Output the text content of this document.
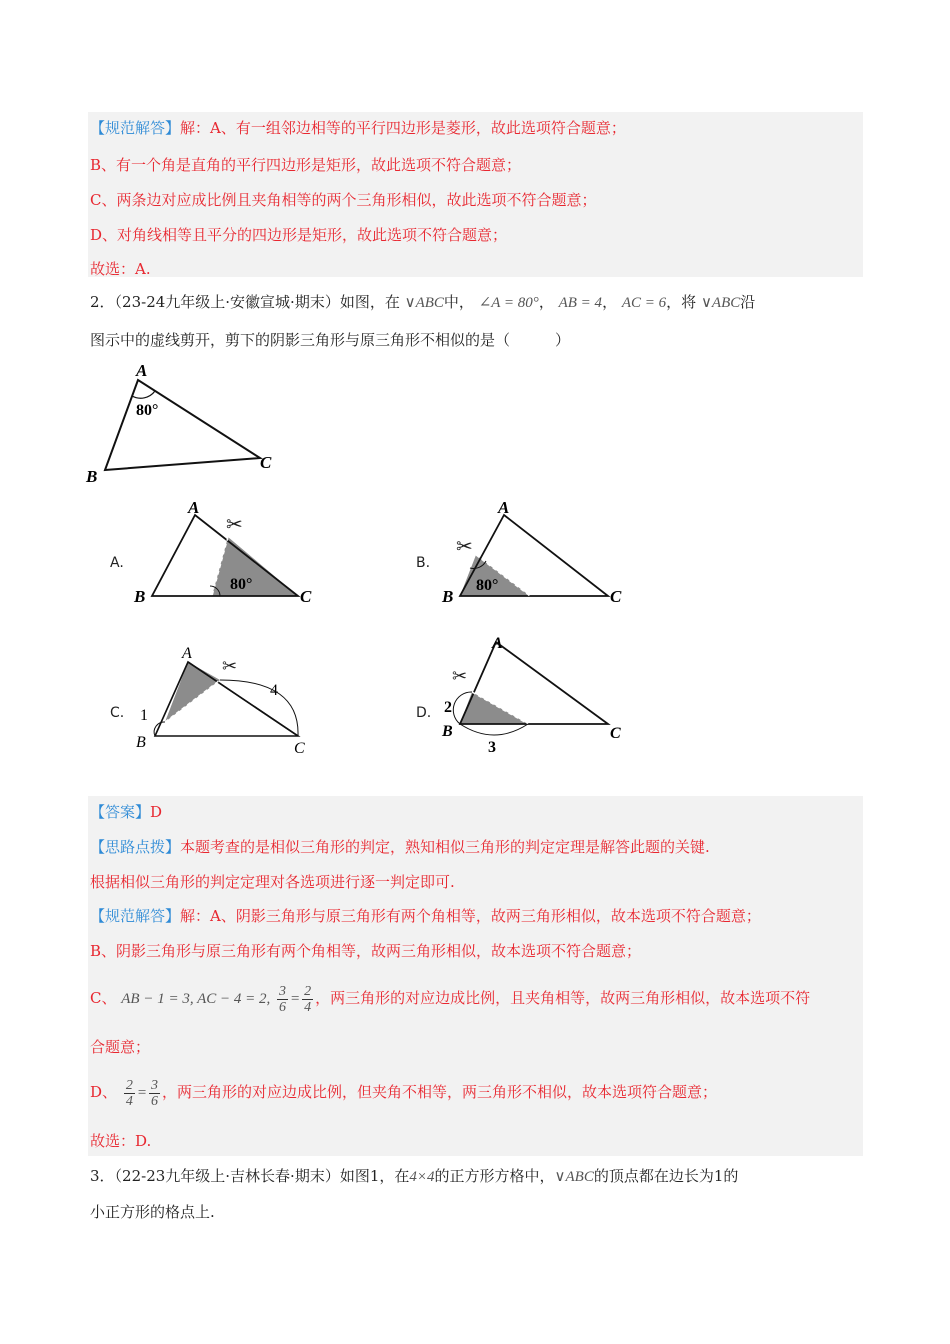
【规范解答】解：A、有一组邻边相等的平行四边形是菱形，故此选项符合题意；
B、有一个角是直角的平行四边形是矩形，故此选项不符合题意；
C、两条边对应成比例且夹角相等的两个三角形相似，故此选项不符合题意；
D、对角线相等且平分的四边形是矩形，故此选项不符合题意；
故选：A.
2．（23-24九年级上·安徽宣城·期末）如图，在 ∨ABC中， ∠A = 80°， AB = 4， AC = 6，将 ∨ABC沿
图示中的虚线剪开，剪下的阴影三角形与原三角形不相似的是（　　　）
A
B
C
80°
A.
✂
A
B	C
80°
B.
✂
A
B	C
80°
C.
✂
A
B	C
1
4
D.
✂
A
B	C
2
3
【答案】D
【思路点拨】本题考查的是相似三角形的判定，熟知相似三角形的判定定理是解答此题的关键.
根据相似三角形的判定定理对各选项进行逐一判定即可.
【规范解答】解：A、阴影三角形与原三角形有两个角相等，故两三角形相似，故本选项不符合题意；
B、阴影三角形与原三角形有两个角相等，故两三角形相似，故本选项不符合题意；
C、 AB − 1 = 3, AC − 4 = 2, $\frac{3}{6} = \frac{2}{4}$ ，两三角形的对应边成比例，且夹角相等，故两三角形相似，故本选项不符
合题意；
D、 $\frac{2}{4} = \frac{3}{6}$ ，两三角形的对应边成比例，但夹角不相等，两三角形不相似，故本选项符合题意；
故选：D.
3．（22-23九年级上·吉林长春·期末）如图1，在4×4的正方形方格中，∨ABC的顶点都在边长为1的
小正方形的格点上.
